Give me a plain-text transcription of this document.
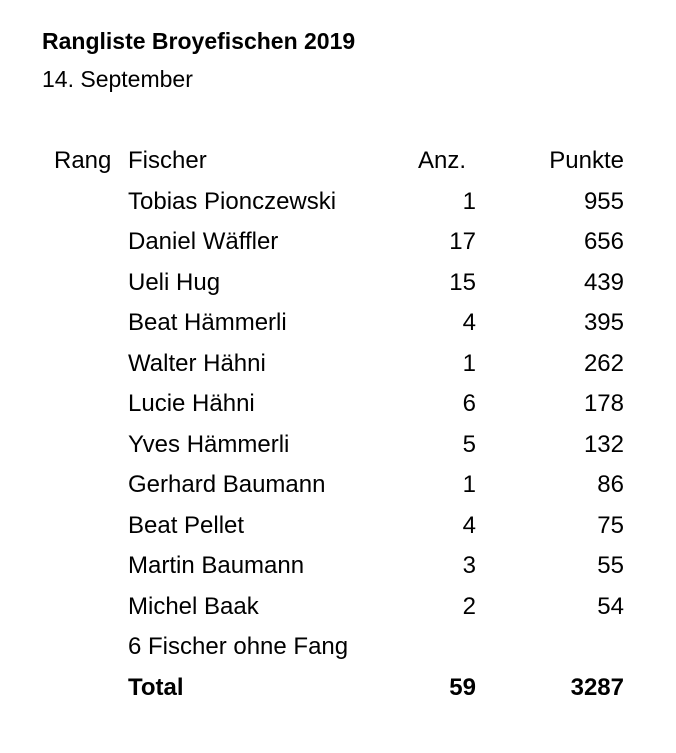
Rangliste Broyefischen 2019
14. September
Rang Fischer	Anz.	Punkte
Tobias Pionczewski	1	955
Daniel Wäffler	17	656
Ueli Hug	15	439
Beat Hämmerli	4	395
Walter Hähni	1	262
Lucie Hähni	6	178
Yves Hämmerli	5	132
Gerhard Baumann	1	86
Beat Pellet	4	75
Martin Baumann	3	55
Michel Baak	2	54
6 Fischer ohne Fang
Total	59	3287
